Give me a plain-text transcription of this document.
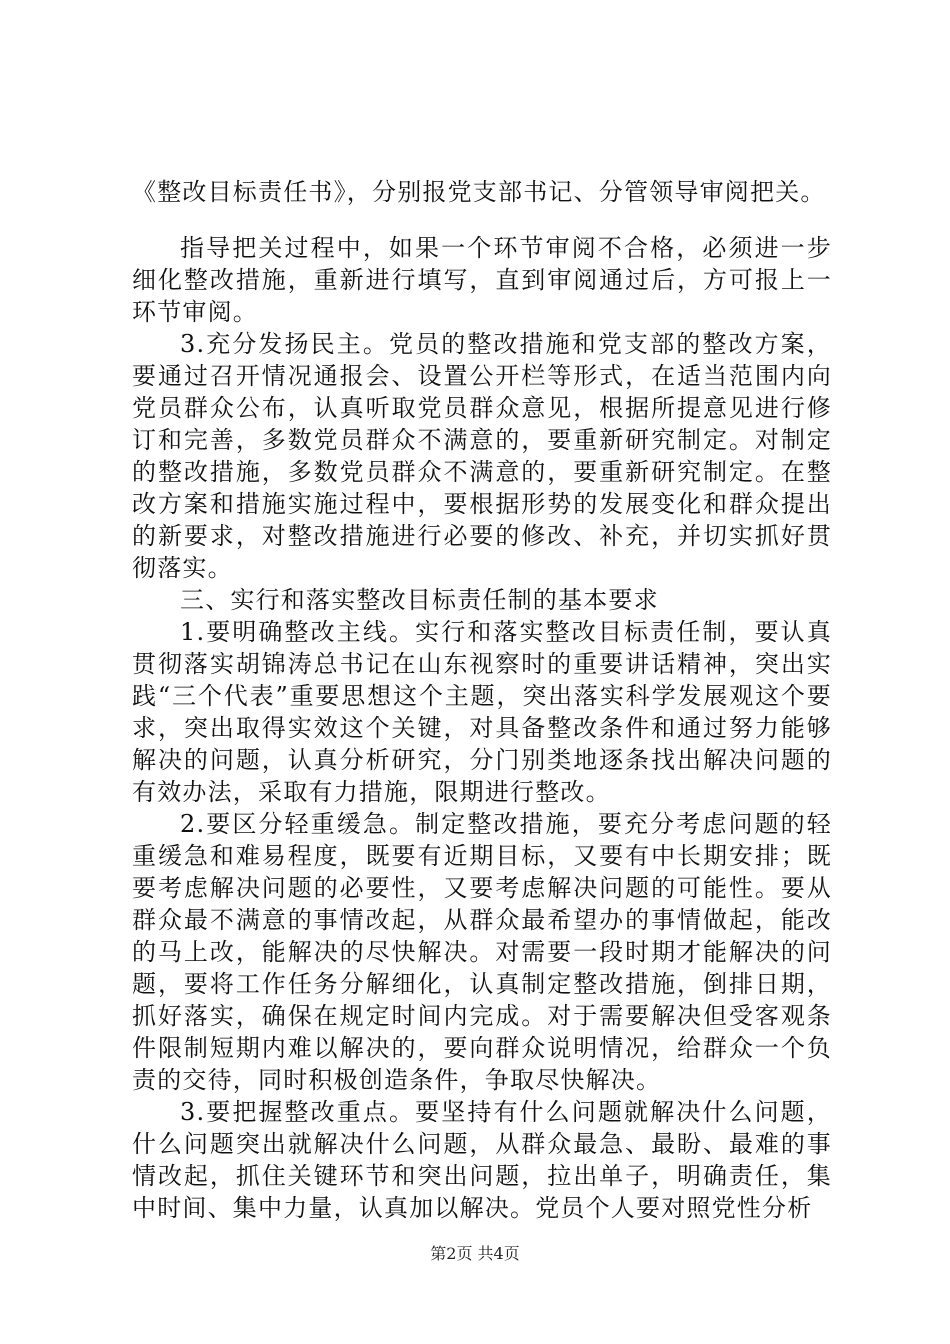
《整改目标责任书》，分别报党支部书记、分管领导审阅把关。

指导把关过程中，如果一个环节审阅不合格，必须进一步细化整改措施，重新进行填写，直到审阅通过后，方可报上一环节审阅。

3.充分发扬民主。党员的整改措施和党支部的整改方案，要通过召开情况通报会、设置公开栏等形式，在适当范围内向党员群众公布，认真听取党员群众意见，根据所提意见进行修订和完善，多数党员群众不满意的，要重新研究制定。对制定的整改措施，多数党员群众不满意的，要重新研究制定。在整改方案和措施实施过程中，要根据形势的发展变化和群众提出的新要求，对整改措施进行必要的修改、补充，并切实抓好贯彻落实。

三、实行和落实整改目标责任制的基本要求

1.要明确整改主线。实行和落实整改目标责任制，要认真贯彻落实胡锦涛总书记在山东视察时的重要讲话精神，突出实践“三个代表”重要思想这个主题，突出落实科学发展观这个要求，突出取得实效这个关键，对具备整改条件和通过努力能够解决的问题，认真分析研究，分门别类地逐条找出解决问题的有效办法，采取有力措施，限期进行整改。

2.要区分轻重缓急。制定整改措施，要充分考虑问题的轻重缓急和难易程度，既要有近期目标，又要有中长期安排；既要考虑解决问题的必要性，又要考虑解决问题的可能性。要从群众最不满意的事情改起，从群众最希望办的事情做起，能改的马上改，能解决的尽快解决。对需要一段时期才能解决的问题，要将工作任务分解细化，认真制定整改措施，倒排日期，抓好落实，确保在规定时间内完成。对于需要解决但受客观条件限制短期内难以解决的，要向群众说明情况，给群众一个负责的交待，同时积极创造条件，争取尽快解决。

3.要把握整改重点。要坚持有什么问题就解决什么问题，什么问题突出就解决什么问题，从群众最急、最盼、最难的事情改起，抓住关键环节和突出问题，拉出单子，明确责任，集中时间、集中力量，认真加以解决。党员个人要对照党性分析

第2页 共4页
